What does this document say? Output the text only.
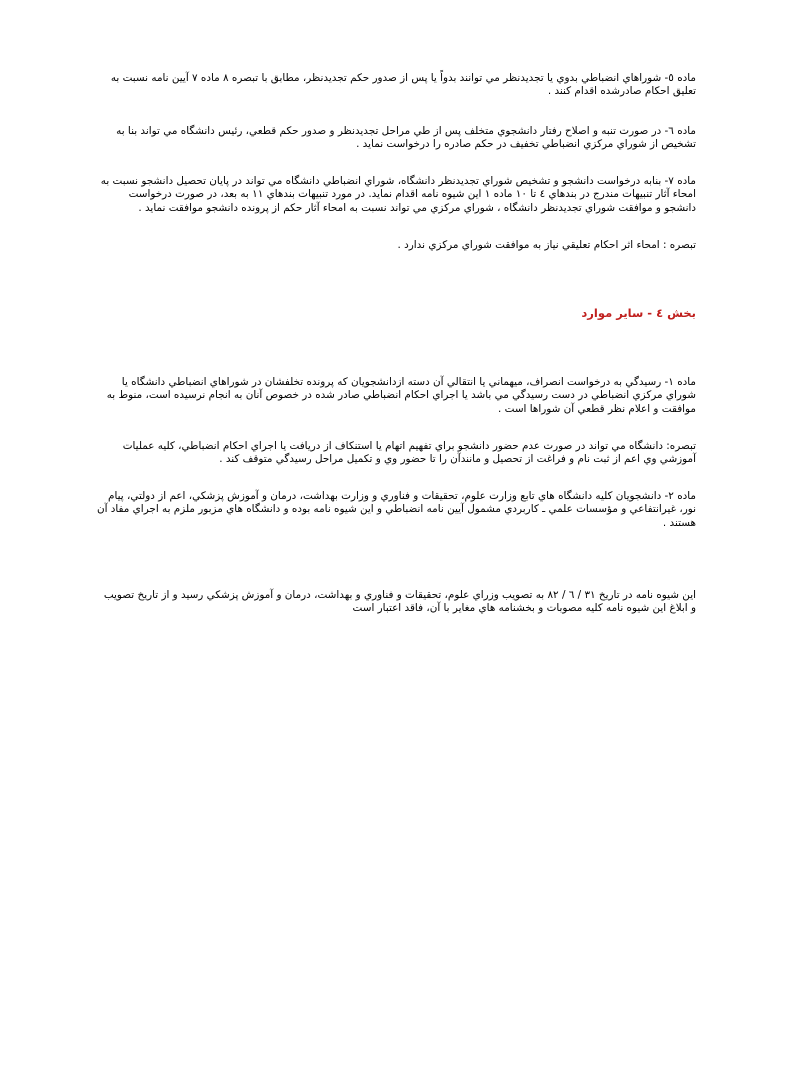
ماده ٥- شوراهاي انضباطي بدوي يا تجديدنظر مي توانند بدواً يا پس از صدور حكم تجديدنظر، مطابق با تبصره ٨ ماده ٧ آيين نامه نسبت به تعليق احكام صادرشده اقدام كنند .

ماده ٦- در صورت تنبه و اصلاح رفتار دانشجوي متخلف پس از طي مراحل تجديدنظر و صدور حكم قطعي، رئيس دانشگاه مي تواند بنا به تشخيص از شوراي مركزي انضباطي تخفيف در حكم صادره را درخواست نمايد .

ماده ٧- بنابه درخواست دانشجو و تشخيص شوراي تجديدنظر دانشگاه، شوراي انضباطي دانشگاه مي تواند در پايان تحصيل دانشجو نسبت به امحاء آثار تنبيهات مندرج در بندهاي ٤ تا ١٠ ماده ١ اين شيوه نامه اقدام نمايد. در مورد تنبيهات بندهاي ١١ به بعد، در صورت درخواست دانشجو و موافقت شوراي تجديدنظر دانشگاه ، شوراي مركزي مي تواند نسبت به امحاء آثار حكم از پرونده دانشجو موافقت نمايد .

تبصره : امحاء اثر احكام تعليقي نياز به موافقت شوراي مركزي ندارد .

بخش ٤ - ساير موارد

ماده ١- رسيدگي به درخواست انصراف، ميهماني يا انتقالي آن دسته ازدانشجويان كه پرونده تخلفشان در شوراهاي انضباطي دانشگاه يا شوراي مركزي انضباطي در دست رسيدگي مي باشد يا اجراي احكام انضباطي صادر شده در خصوص آنان به انجام نرسيده است، منوط به موافقت و اعلام نظر قطعي آن شوراها است .

تبصره: دانشگاه مي تواند در صورت عدم حضور دانشجو براي تفهيم اتهام يا استنكاف از دريافت يا اجراي احكام انضباطي، كليه عمليات آموزشي وي اعم از ثبت نام و فراغت از تحصيل و مانندآن را تا حضور وي و تكميل مراحل رسيدگي متوقف كند .

ماده ٢- دانشجويان كليه دانشگاه هاي تابع وزارت علوم، تحقيقات و فناوري و وزارت بهداشت، درمان و آموزش پزشكي، اعم از دولتي، پيام نور، غيرانتفاعي و مؤسسات علمي ـ كاربردي مشمول آيين نامه انضباطي و اين شيوه نامه بوده و دانشگاه هاي مزبور ملزم به اجراي مفاد آن هستند .

اين شيوه نامه در تاريخ ٣١ / ٦ / ٨٢ به تصويب وزراي علوم، تحقيقات و فناوري و بهداشت، درمان و آموزش پزشكي رسيد و از تاريخ تصويب و ابلاغ اين شيوه نامه كليه مصوبات و بخشنامه هاي مغاير با آن، فاقد اعتبار است
